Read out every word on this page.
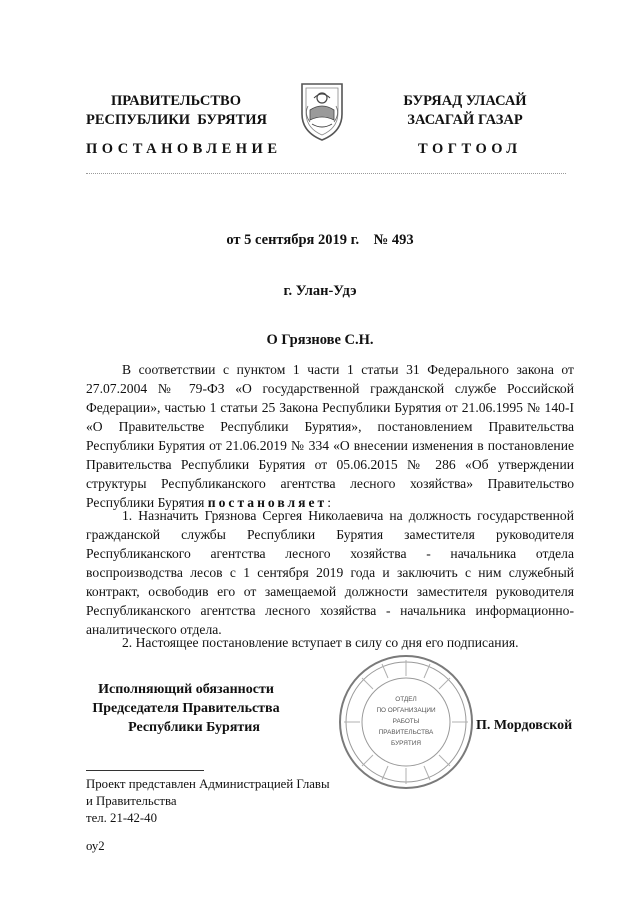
ПРАВИТЕЛЬСТВО
РЕСПУБЛИКИ  БУРЯТИЯ
БУРЯАД УЛАСАЙ
ЗАСАГАЙ ГАЗАР
ПОСТАНОВЛЕНИЕ	ТОГТООЛ
от 5 сентября 2019 г.    № 493
г. Улан-Удэ
О Грязнове С.Н.

В соответствии с пунктом 1 части 1 статьи 31 Федерального закона от 27.07.2004 № 79-ФЗ «О государственной гражданской службе Российской Федерации», частью 1 статьи 25 Закона Республики Бурятия от 21.06.1995 № 140-I «О Правительстве Республики Бурятия», постановлением Правительства Республики Бурятия от 21.06.2019 № 334 «О внесении изменения в постановление Правительства Республики Бурятия от 05.06.2015 № 286 «Об утверждении структуры Республиканского агентства лесного хозяйства» Правительство Республики Бурятия постановляет:

1. Назначить Грязнова Сергея Николаевича на должность государственной гражданской службы Республики Бурятия заместителя руководителя Республиканского агентства лесного хозяйства - начальника отдела воспроизводства лесов с 1 сентября 2019 года и заключить с ним служебный контракт, освободив его от замещаемой должности заместителя руководителя Республиканского агентства лесного хозяйства - начальника информационно-аналитического отдела.

2. Настоящее постановление вступает в силу со дня его подписания.

Исполняющий обязанности
Председателя Правительства
Республики Бурятия
ОТДЕЛ
ПО ОРГАНИЗАЦИИ
РАБОТЫ
ПРАВИТЕЛЬСТВА
БУРЯТИЯ
П. Мордовской
Проект представлен Администрацией Главы
и Правительства
тел. 21-42-40
оу2
